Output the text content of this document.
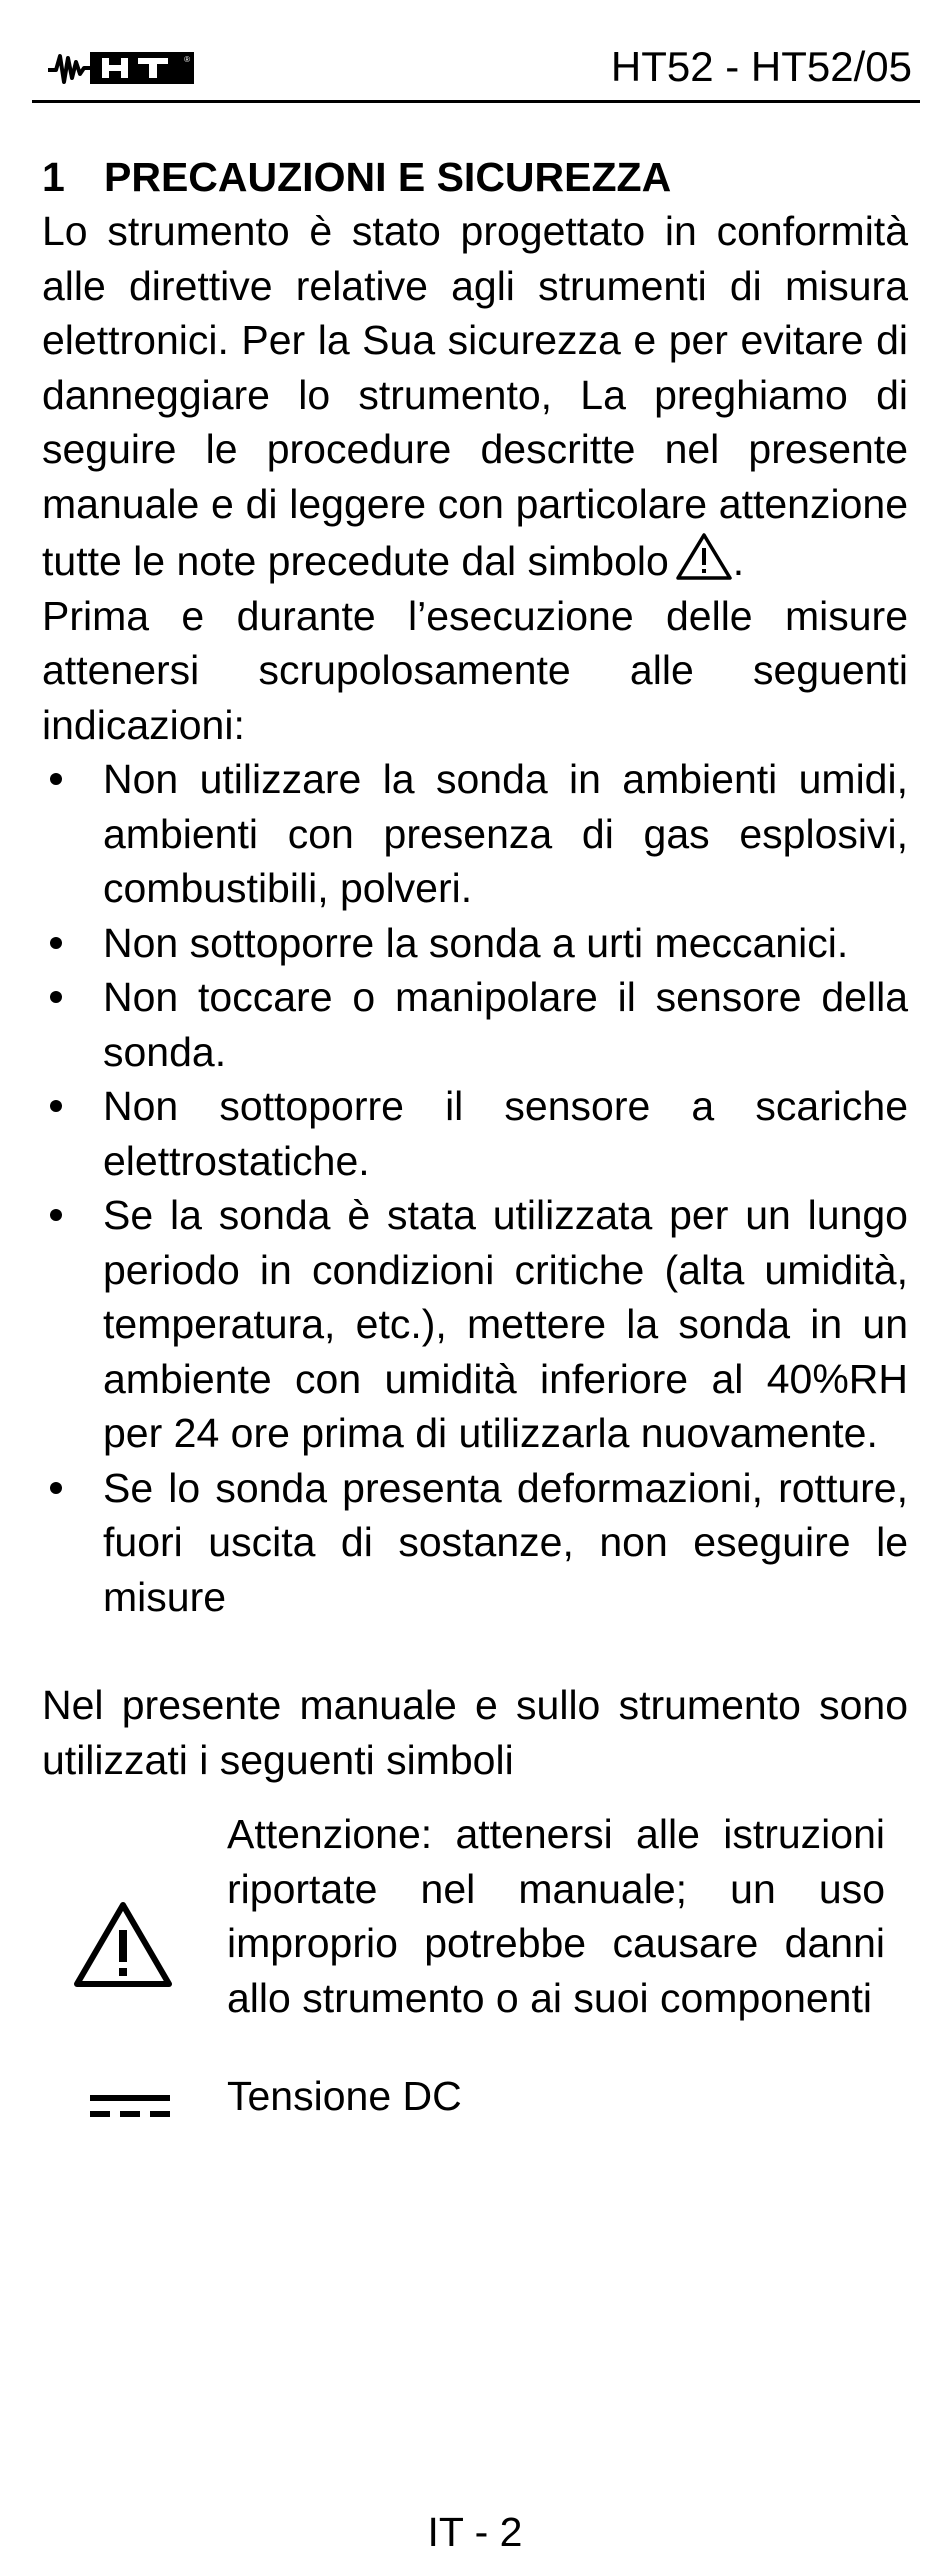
®	HT52 - HT52/05

1 PRECAUZIONI E SICUREZZA

Lo strumento è stato progettato in conformità alle direttive relative agli strumenti di misura elettronici. Per la Sua sicurezza e per evitare di danneggiare lo strumento, La preghiamo di seguire le procedure descritte nel presente manuale e di leggere con particolare attenzione tutte le note precedute dal simbolo .

Prima e durante l’esecuzione delle misure attenersi scrupolosamente alle seguenti indicazioni:

Non utilizzare la sonda in ambienti umidi, ambienti con presenza di gas esplosivi, combustibili, polveri.
Non sottoporre la sonda a urti meccanici.
Non toccare o manipolare il sensore della sonda.
Non sottoporre il sensore a scariche elettrostatiche.
Se la sonda è stata utilizzata per un lungo periodo in condizioni critiche (alta umidità, temperatura, etc.), mettere la sonda in un ambiente con umidità inferiore al 40%RH per 24 ore prima di utilizzarla nuovamente.
Se lo sonda presenta deformazioni, rotture, fuori uscita di sostanze, non eseguire le misure

Nel presente manuale e sullo strumento sono utilizzati i seguenti simboli

Attenzione: attenersi alle istruzioni riportate nel manuale; un uso improprio potrebbe causare danni allo strumento o ai suoi componenti
Tensione DC
IT - 2
